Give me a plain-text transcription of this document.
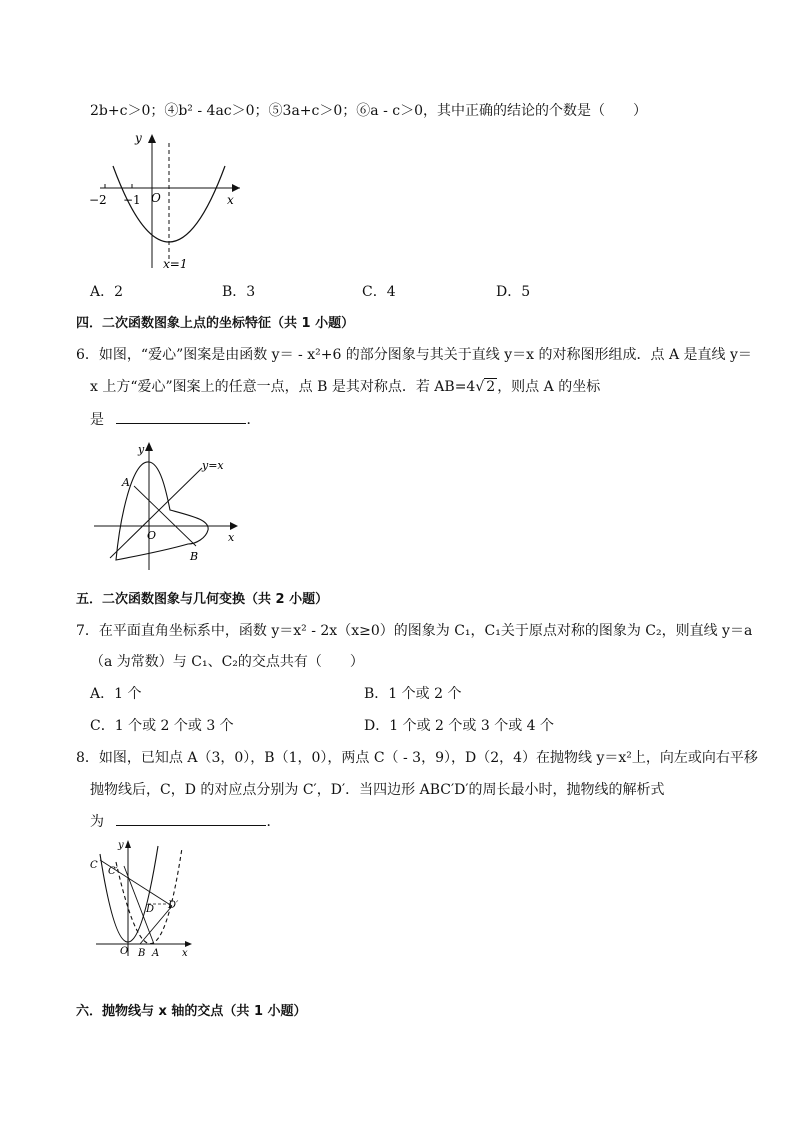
2b+c＞0；④b² - 4ac＞0；⑤3a+c＞0；⑥a - c＞0，其中正确的结论的个数是（　　）
y
x
O
−2 −1
x=1
A．2	B．3	C．4	D．5
四．二次函数图象上点的坐标特征（共 1 小题）
6．如图，“爱心”图案是由函数 y＝ - x²+6 的部分图象与其关于直线 y＝x 的对称图形组成．点 A 是直线 y＝
x 上方“爱心”图案上的任意一点，点 B 是其对称点．若 AB=4√ 2 ，则点 A 的坐标
是	．
y
x
O
A
B
y=x
五．二次函数图象与几何变换（共 2 小题）
7．在平面直角坐标系中，函数 y＝x² - 2x（x≥0）的图象为 C₁，C₁关于原点对称的图象为 C₂，则直线 y＝a
（a 为常数）与 C₁、C₂的交点共有（　　）
A．1 个	B．1 个或 2 个
C．1 个或 2 个或 3 个	D．1 个或 2 个或 3 个或 4 个
8．如图，已知点 A（3，0），B（1，0），两点 C（ - 3，9），D（2，4）在抛物线 y＝x²上，向左或向右平移
抛物线后，C，D 的对应点分别为 C′，D′．当四边形 ABC′D′的周长最小时，抛物线的解析式
为	．
y
x
O B A
C
C′
D D′
六．抛物线与 x 轴的交点（共 1 小题）
